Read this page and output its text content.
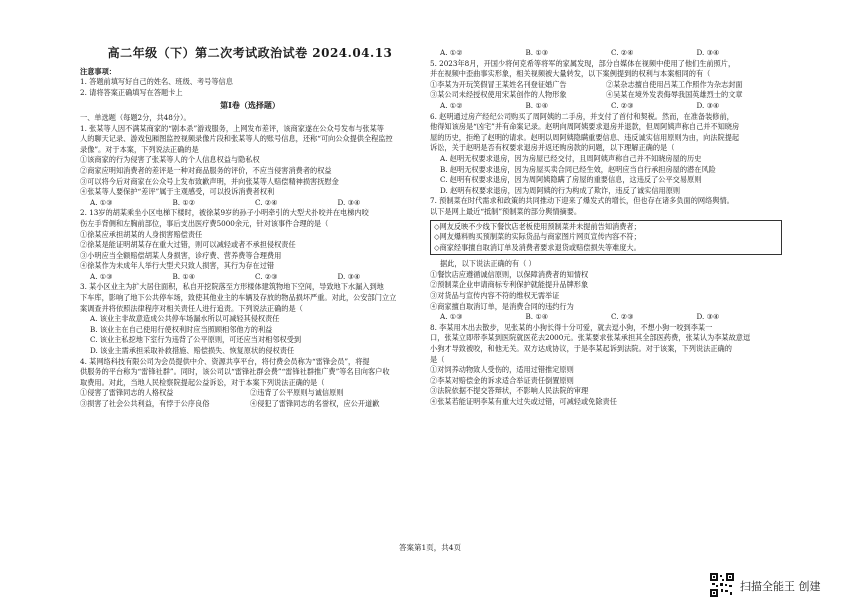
高二年级（下）第二次考试政治试卷 2024.04.13
注意事项：
1. 答题前填写好自己的姓名、班级、考号等信息
2. 请将答案正确填写在答题卡上
第Ⅰ卷（选择题）
一、单选题（每题2分，共48分）。
1. 张某等人因不满某商家的“剧本杀”游戏服务，上网发布差评，该商家遂在公众号发布与张某等
人的聊天记录、游戏包厢图监控视频录像片段和张某等人的账号信息，还称“可向公众提供全程监控
录像”。对于本案，下列说法正确的是
①该商家的行为侵害了张某等人的个人信息权益与隐私权
②商家应明知消费者的差评是一种对商品服务的评价，不应当侵害消费者的权益
③可以将今后对商家在公众号上发布致歉声明，并向张某等人赔偿精神损害抚慰金
④张某等人要保护“差评”属于主观感受，可以投诉消费者权利
A. ①③	B. ①②	C. ②④	D. ③④
2. 13岁的胡某乘坐小区电梯下楼时，被徐某9岁的孙子小明牵引的大型犬扑咬并在电梯内咬
伤左手背侧和左胸前部位，事后支出医疗费5000余元，针对该事件合理的是（
①徐某应承担胡某的人身损害赔偿责任
②徐某是能证明胡某存在重大过错，则可以减轻或者不承担侵权责任
③小明应当全额赔偿胡某人身损害，诊疗费、营养费等合理费用
④徐某作为未成年人举行大型犬只致人损害，其行为存在过错
A. ①③	B. ①④	C. ②③	D. ③④
3. 某小区业主为扩大居住面积，私自开挖院落至方形楼体建筑物地下空间，导致地下水漏入到地
下车库，影响了地下公共停车场，致使其他业主的车辆及存放的物品损坏严重。对此，公安部门立立
案调查并将依照法律程序对相关责任人进行追责。下列说法正确的是（
A. 该业主非故意造成公共停车场漏水所以可减轻其侵权责任
B. 该业主在自己使用行使权利时应当照顾相邻他方的利益
C. 该业主私挖地下室行为违背了公平原则，可还应当对相邻权受到
D. 该业主需承担采取补救措施、赔偿损失、恢复原状的侵权责任
4. 某网络科技有限公司为会员提供中介、资源共享平台，将付费会员称为“雷锋会员”，将提
供服务的平台称为“雷锋社群”。同时，该公司以“雷锋社群会费”“雷锋社群推广费”等名目向客户收
取费用。对此，当地人民检察院提起公益诉讼，对于本案下列说法正确的是（
①侵害了雷锋同志的人格权益	②违背了公平原则与诚信原则
③损害了社会公共利益，有悖于公序良俗	④侵犯了雷锋同志的名誉权，应公开道歉
A. ①②	B. ①③	C. ②④	D. ③④
5. 2023年8月，开国少将何克希等将军的家属发现，部分自媒体在视频中使用了他们生前照片，
并在视频中歪曲事实形象，相关视频被大量转发，以下案例提到的权利与本案相同的有（
①李某为开玩笑假冒王某姓名刊登征婚广告	②某杂志擅自使用吕某工作照作为杂志封面
③某公司未经授权使用宋某创作的人物形象	④吴某在境外发表侮辱我国英雄烈士的文章
A. ①②	B. ①④	C. ②③	D. ③④
6. 赵明通过房产经纪公司购买了周阿姨的二手房，并支付了首付和契税。然而，在准备装修前，
他得知该房是“凶宅”并有命案记录。赵明向周阿姨要求退房并退款，但周阿姨声称自己并不知晓房
屋的历史，拒绝了赵明的请求。赵明以周阿姨隐瞒重要信息、违反诚实信用原则为由，向法院提起
诉讼，关于赵明是否有权要求退房并返还购房款的问题，以下理解正确的是（
A. 赵明无权要求退房，因为房屋已经交付，且周阿姨声称自己并不知晓房屋的历史
B. 赵明无权要求退房，因为房屋买卖合同已经生效，赵明应当自行承担房屋的潜在风险
C. 赵明有权要求退房，因为周阿姨隐瞒了房屋的重要信息，这违反了公平交易原则
D. 赵明有权要求退房，因为周阿姨的行为构成了欺诈，违反了诚实信用原则
7. 预制菜在时代需求和政策的共同推动下迎来了爆发式的增长，但也存在诸多负面的网络舆情。
以下是网上最近“抵制”预制菜的部分舆情摘要。
◇网友反映不少线下餐饮店老板使用预制菜并未提前告知消费者；
◇网友爆料购买预制菜的实际货品与商家图片网页宣传内容不符；
◇商家经事擅自取消订单及消费者要求退货或赔偿损失等难度大。
据此，以下说法正确的有（ ）
①餐饮店应遵循诚信原则，以保障消费者的知情权
②预制菜企业申请商标专利保护就能提升品牌形象
③对货品与宣传内容不符的维权无需举证
④商家擅自取消订单，是消费合同的违约行为
A. ①③	B. ①④	C. ②③	D. ③④
8. 李某用木出去散步，见张某的小狗长得十分可爱，就去逗小狗，不想小狗一咬到李某一
口，张某立即带李某到医院就医花去2000元。张某要求张某承担其全部医药费，张某认为李某故意逗
小狗才导致被咬，和他无关。双方达成协议，于是李某起诉到法院。对于该案，下列说法正确的
是（
①对饲养动物致人受伤的，适用过错推定原则
②李某对赔偿金的诉求适合举证责任倒置原则
③法院依据不提交答辩状，不影响人民法院的审理
④张某若能证明李某有重大过失或过错，可减轻或免除责任
答案第1页，共4页
扫描全能王 创建
